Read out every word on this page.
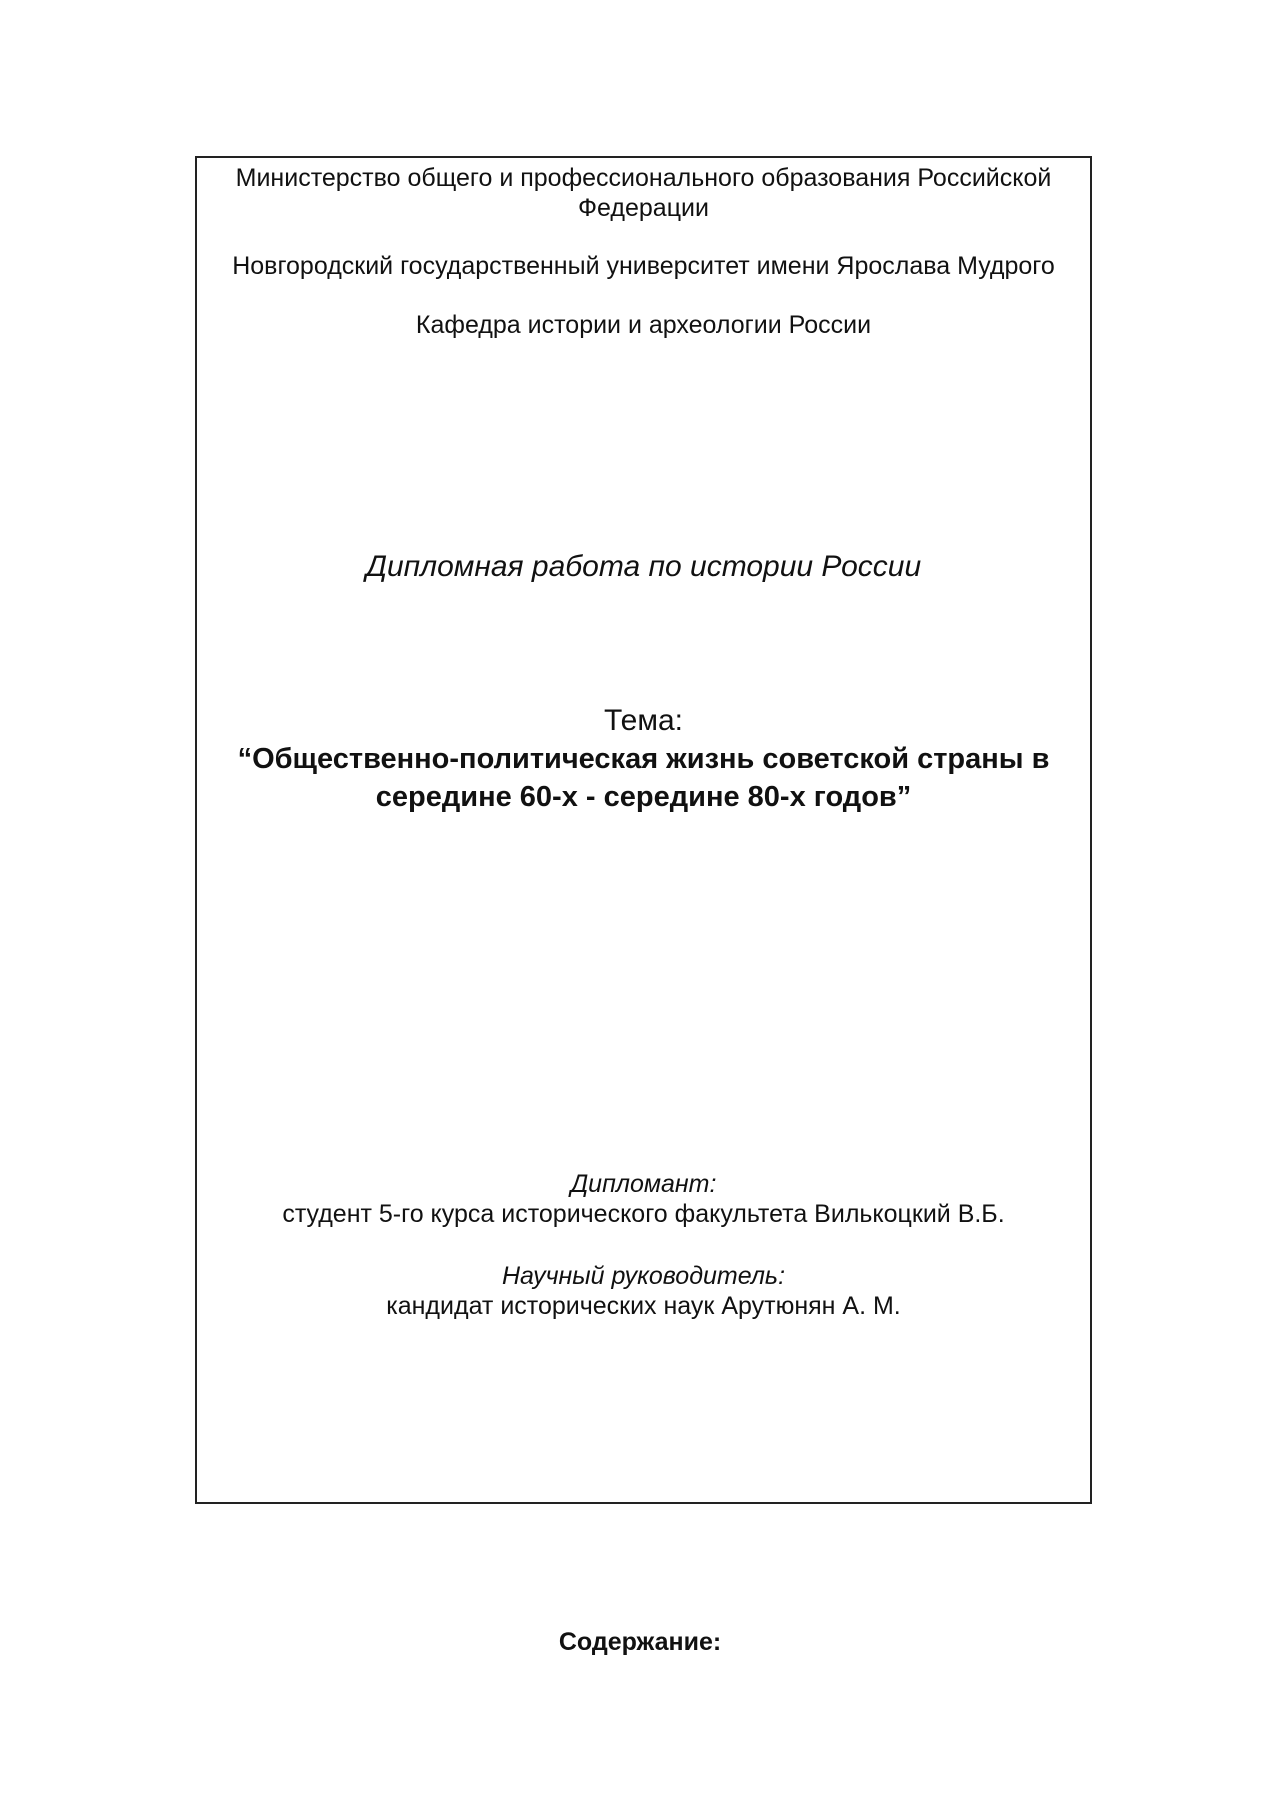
Министерство общего и профессионального образования Российской
Федерации
Новгородский государственный университет имени Ярослава Мудрого
Кафедра истории и археологии России
Дипломная работа по истории России
Тема:
“Общественно-политическая жизнь советской страны в
середине 60-х - середине 80-х годов”
Дипломант:
студент 5-го курса исторического факультета Вилькоцкий В.Б.
Научный руководитель:
кандидат исторических наук Арутюнян А. М.
Содержание:
